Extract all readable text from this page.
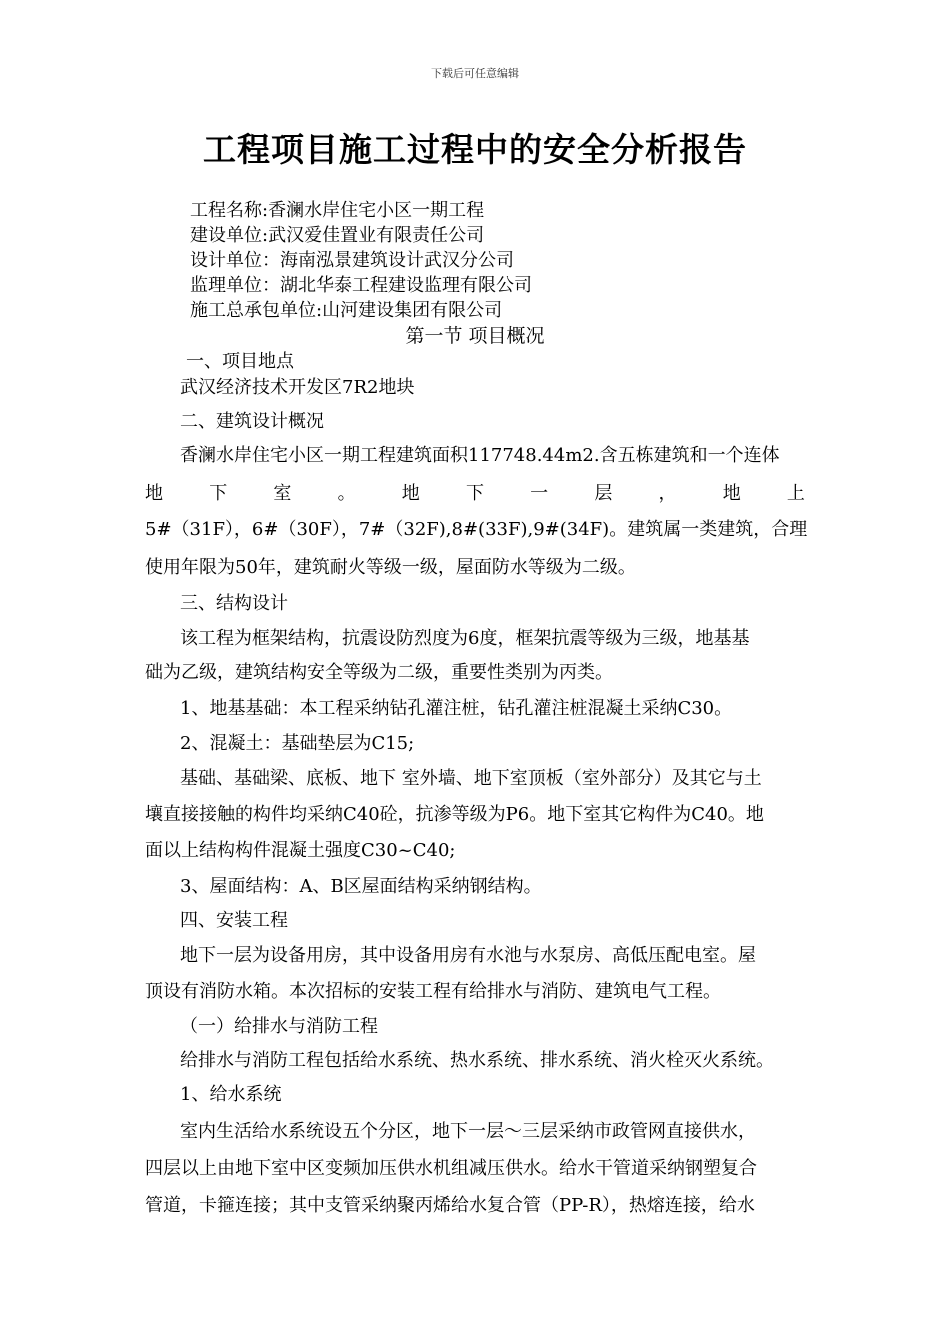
下载后可任意编辑
工程项目施工过程中的安全分析报告
工程名称:香澜水岸住宅小区一期工程
建设单位:武汉爱佳置业有限责任公司
设计单位：海南泓景建筑设计武汉分公司
监理单位：湖北华泰工程建设监理有限公司
施工总承包单位:山河建设集团有限公司
第一节 项目概况
一、项目地点
武汉经济技术开发区7R2地块
二、建筑设计概况
香澜水岸住宅小区一期工程建筑面积117748.44m2.含五栋建筑和一个连体
地	下	室	。	地	下	一	层	，	地	上
5#（31F），6#（30F），7#（32F),8#(33F),9#(34F)。建筑属一类建筑，合理
使用年限为50年，建筑耐火等级一级，屋面防水等级为二级。
三、结构设计
该工程为框架结构，抗震设防烈度为6度，框架抗震等级为三级，地基基
础为乙级，建筑结构安全等级为二级，重要性类别为丙类。
1、地基基础：本工程采纳钻孔灌注桩，钻孔灌注桩混凝土采纳C30。
2、混凝土：基础垫层为C15;
基础、基础梁、底板、地下 室外墙、地下室顶板（室外部分）及其它与土
壤直接接触的构件均采纳C40砼，抗渗等级为P6。地下室其它构件为C40。地
面以上结构构件混凝土强度C30~C40;
3、屋面结构：A、B区屋面结构采纳钢结构。
四、安装工程
地下一层为设备用房，其中设备用房有水池与水泵房、高低压配电室。屋
顶设有消防水箱。本次招标的安装工程有给排水与消防、建筑电气工程。
（一）给排水与消防工程
给排水与消防工程包括给水系统、热水系统、排水系统、消火栓灭火系统。
1、给水系统
室内生活给水系统设五个分区，地下一层～三层采纳市政管网直接供水，
四层以上由地下室中区变频加压供水机组减压供水。给水干管道采纳钢塑复合
管道，卡箍连接；其中支管采纳聚丙烯给水复合管（PP-R），热熔连接，给水
